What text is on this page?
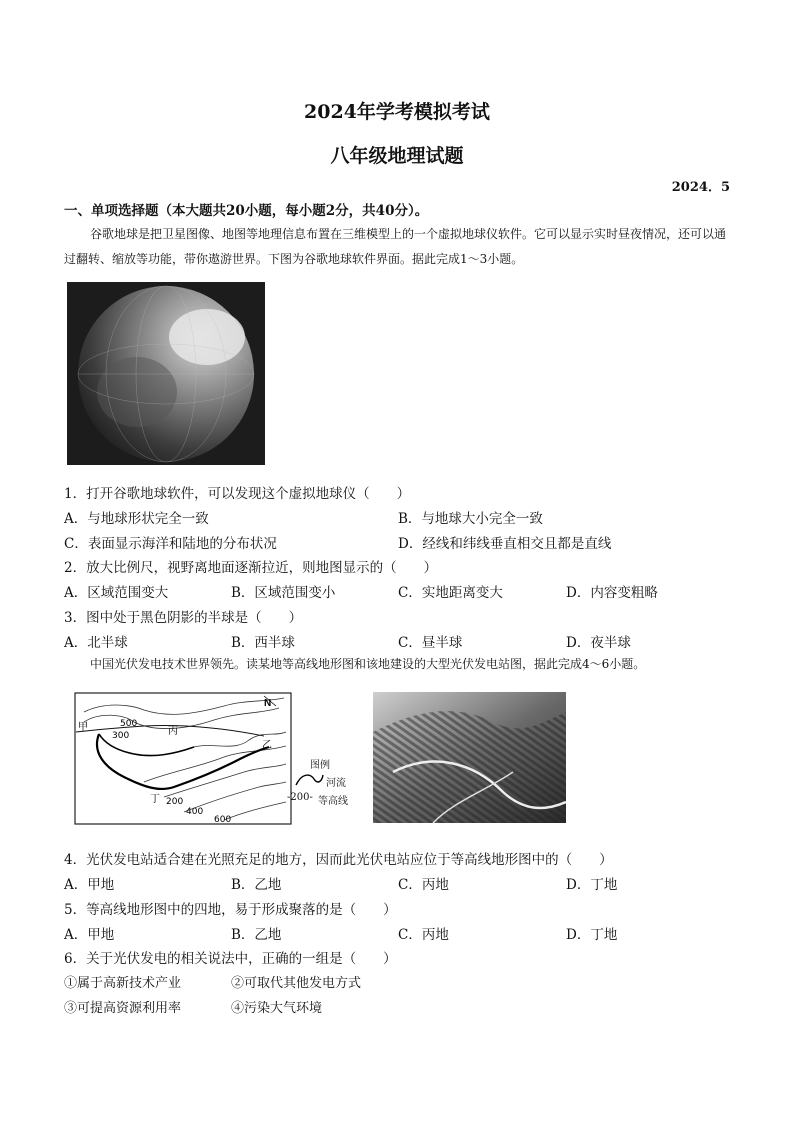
2024年学考模拟考试
八年级地理试题
2024．5
一、单项选择题（本大题共20小题，每小题2分，共40分）。
谷歌地球是把卫星图像、地图等地理信息布置在三维模型上的一个虚拟地球仪软件。它可以显示实时昼夜情况，还可以通过翻转、缩放等功能，带你遨游世界。下图为谷歌地球软件界面。据此完成1～3小题。
1．打开谷歌地球软件，可以发现这个虚拟地球仪（　　）
A．与地球形状完全一致	B．与地球大小完全一致
C．表面显示海洋和陆地的分布状况	D．经线和纬线垂直相交且都是直线
2．放大比例尺，视野离地面逐渐拉近，则地图显示的（　　）
A．区域范围变大	B．区域范围变小	C．实地距离变大	D．内容变粗略
3．图中处于黑色阴影的半球是（　　）
A．北半球	B．西半球	C．昼半球	D．夜半球
中国光伏发电技术世界领先。读某地等高线地形图和该地建设的大型光伏发电站图，据此完成4～6小题。
N
甲
乙
丙
丁
500
300
200
400
600
图例
河流
-200- 等高线
4．光伏发电站适合建在光照充足的地方，因而此光伏电站应位于等高线地形图中的（　　）
A．甲地	B．乙地	C．丙地	D．丁地
5．等高线地形图中的四地，易于形成聚落的是（　　）
A．甲地	B．乙地	C．丙地	D．丁地
6．关于光伏发电的相关说法中，正确的一组是（　　）
①属于高新技术产业	②可取代其他发电方式
③可提高资源利用率	④污染大气环境
